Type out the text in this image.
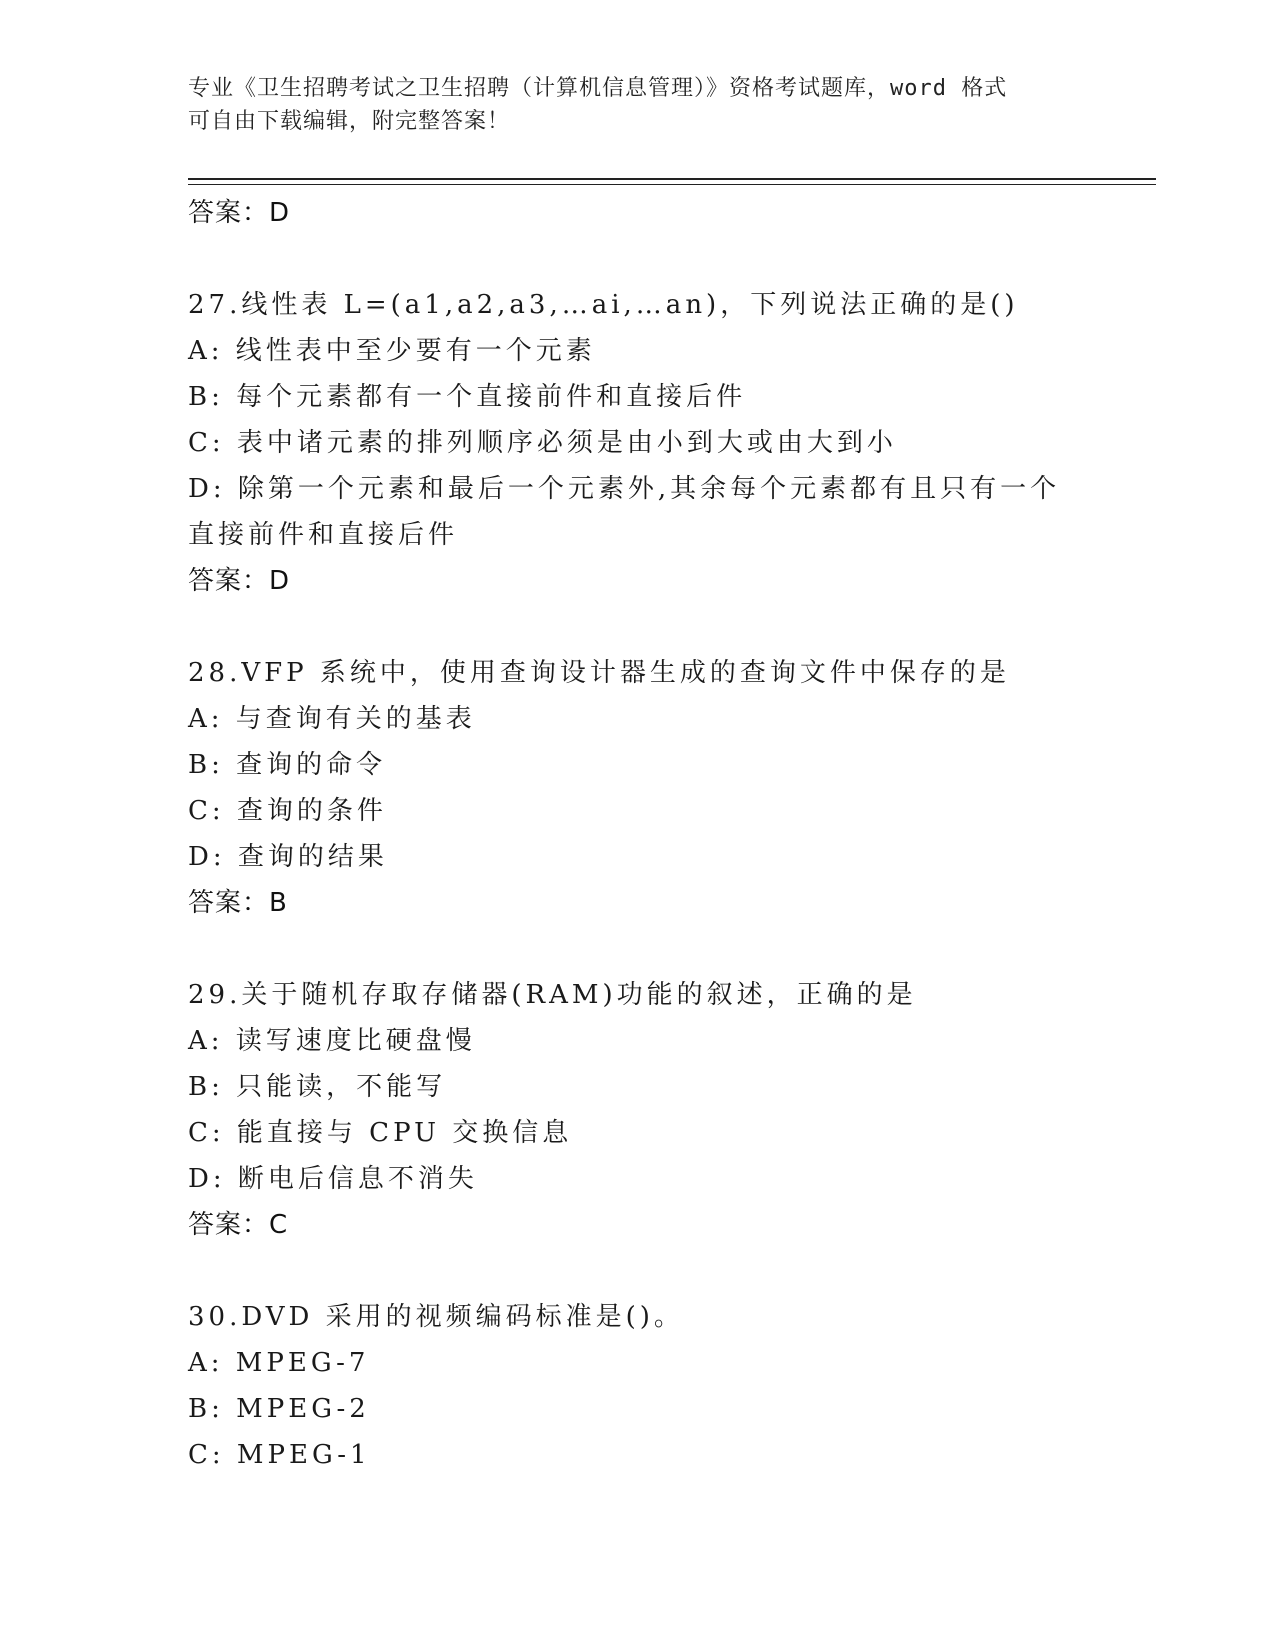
专业《卫生招聘考试之卫生招聘（计算机信息管理）》资格考试题库，word 格式
可自由下载编辑，附完整答案！
答案：D
27.线性表 L=(a1,a2,a3,…ai,…an)，下列说法正确的是()
A: 线性表中至少要有一个元素
B: 每个元素都有一个直接前件和直接后件
C: 表中诸元素的排列顺序必须是由小到大或由大到小
D: 除第一个元素和最后一个元素外,其余每个元素都有且只有一个直接前件和直接后件
答案：D
28.VFP 系统中，使用查询设计器生成的查询文件中保存的是
A: 与查询有关的基表
B: 查询的命令
C: 查询的条件
D: 查询的结果
答案：B
29.关于随机存取存储器(RAM)功能的叙述，正确的是
A: 读写速度比硬盘慢
B: 只能读，不能写
C: 能直接与 CPU 交换信息
D: 断电后信息不消失
答案：C
30.DVD 采用的视频编码标准是()。
A: MPEG-7
B: MPEG-2
C: MPEG-1
